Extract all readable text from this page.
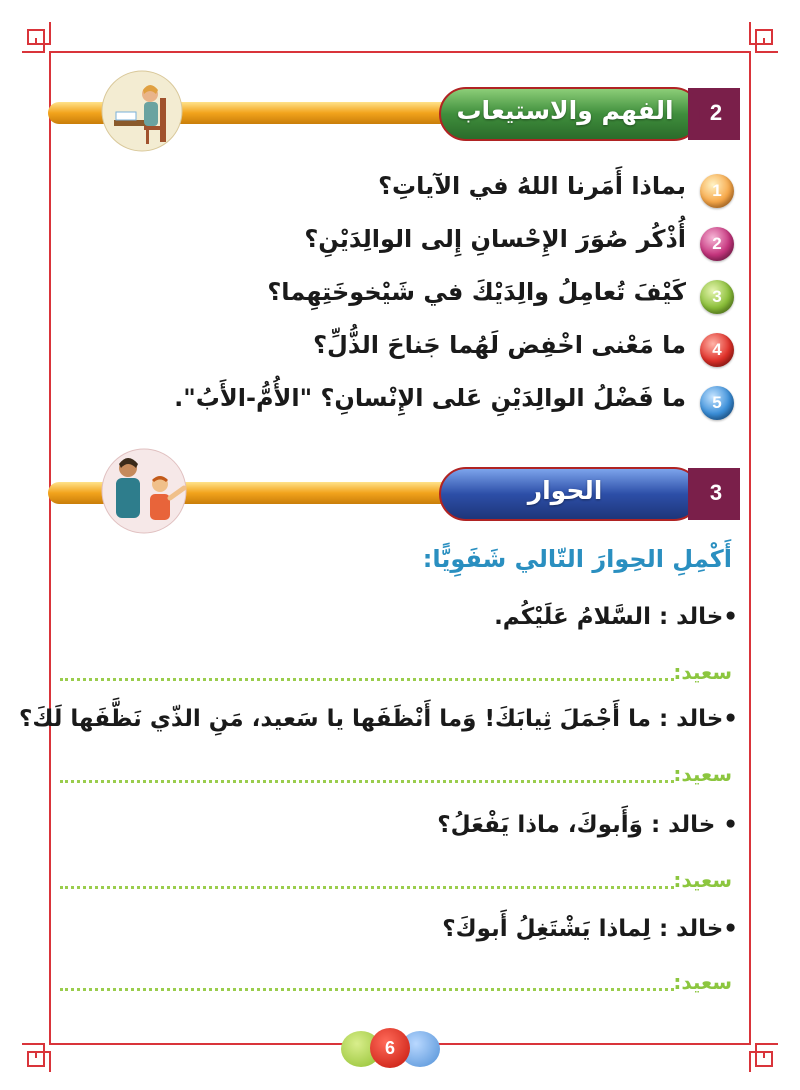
2
الفهم والاستيعاب
1
بماذا أَمَرنا اللهُ في الآياتِ؟
2
أُذْكُر صُوَرَ الإِحْسانِ إِلى الوالِدَيْنِ؟
3
كَيْفَ تُعامِلُ والِدَيْكَ في شَيْخوخَتِهِما؟
4
ما مَعْنى اخْفِض لَهُما جَناحَ الذُّلِّ؟
5
ما فَضْلُ الوالِدَيْنِ عَلى الإِنْسانِ؟ "الأُمُّ-الأَبُ".
3
الحوار
أَكْمِلِ الحِوارَ التّالي شَفَوِيًّا:
•خالد : السَّلامُ عَلَيْكُم.
سعيد:
•خالد : ما أَجْمَلَ ثِيابَكَ! وَما أَنْظَفَها يا سَعيد، مَنِ الذّي نَظَّفَها لَكَ؟
سعيد:
• خالد : وَأَبوكَ، ماذا يَفْعَلُ؟
سعيد:
•خالد : لِماذا يَشْتَغِلُ أَبوكَ؟
سعيد:
6
